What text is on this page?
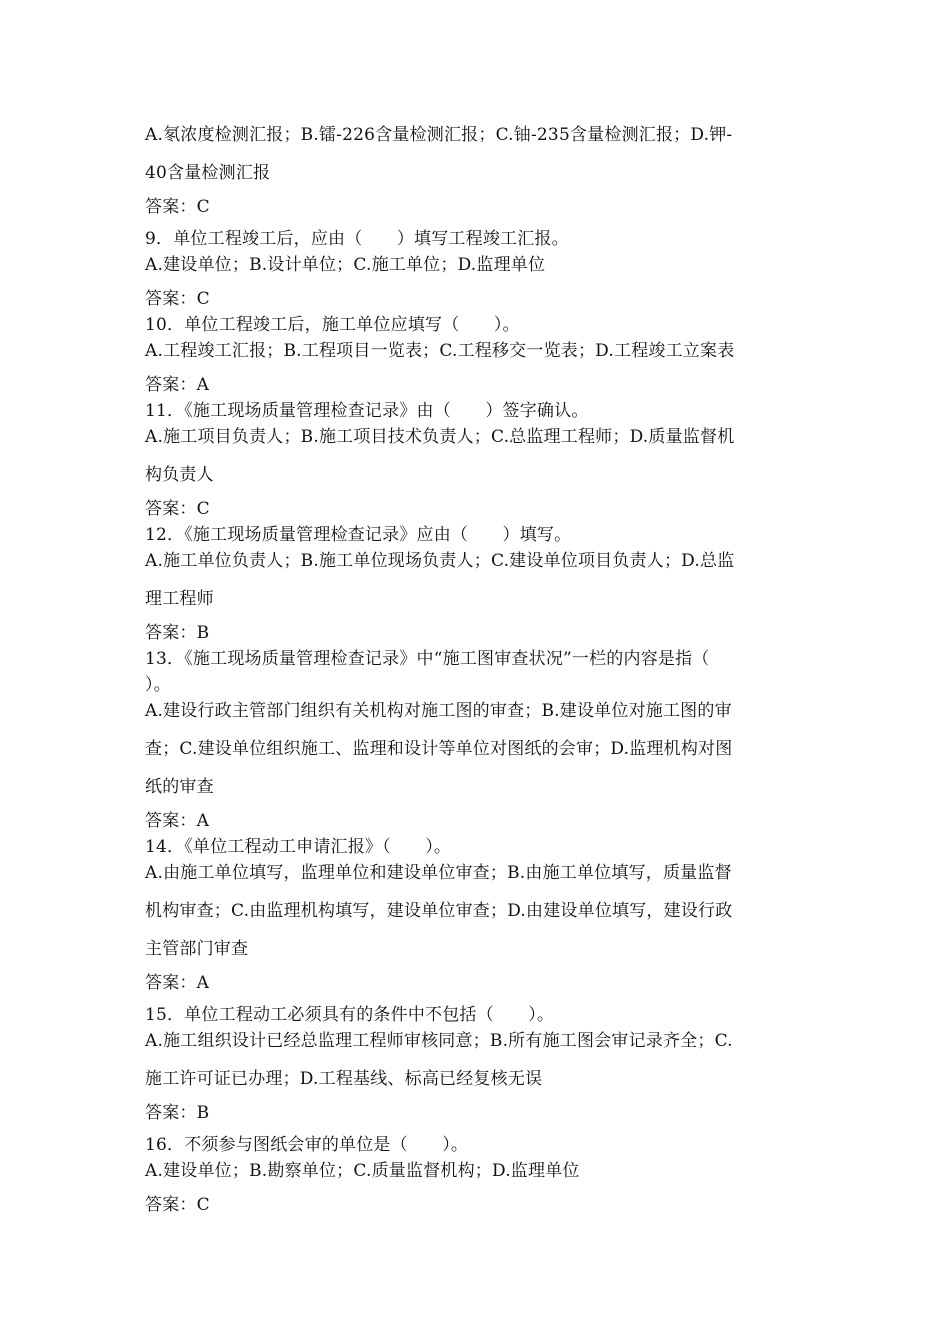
A.氡浓度检测汇报；B.镭-226含量检测汇报；C.铀-235含量检测汇报；D.钾-
40含量检测汇报
答案：C
9．单位工程竣工后，应由（　　）填写工程竣工汇报。
A.建设单位；B.设计单位；C.施工单位；D.监理单位
答案：C
10．单位工程竣工后，施工单位应填写（　　）。
A.工程竣工汇报；B.工程项目一览表；C.工程移交一览表；D.工程竣工立案表
答案：A
11．《施工现场质量管理检查记录》由（　　）签字确认。
A.施工项目负责人；B.施工项目技术负责人；C.总监理工程师；D.质量监督机
构负责人
答案：C
12．《施工现场质量管理检查记录》应由（　　）填写。
A.施工单位负责人；B.施工单位现场负责人；C.建设单位项目负责人；D.总监
理工程师
答案：B
13．《施工现场质量管理检查记录》中“施工图审查状况”一栏的内容是指（
）。
A.建设行政主管部门组织有关机构对施工图的审查；B.建设单位对施工图的审
查；C.建设单位组织施工、监理和设计等单位对图纸的会审；D.监理机构对图
纸的审查
答案：A
14．《单位工程动工申请汇报》（　　）。
A.由施工单位填写，监理单位和建设单位审查；B.由施工单位填写，质量监督
机构审查；C.由监理机构填写，建设单位审查；D.由建设单位填写，建设行政
主管部门审查
答案：A
15．单位工程动工必须具有的条件中不包括（　　）。
A.施工组织设计已经总监理工程师审核同意；B.所有施工图会审记录齐全；C.
施工许可证已办理；D.工程基线、标高已经复核无误
答案：B
16．不须参与图纸会审的单位是（　　）。
A.建设单位；B.勘察单位；C.质量监督机构；D.监理单位
答案：C
